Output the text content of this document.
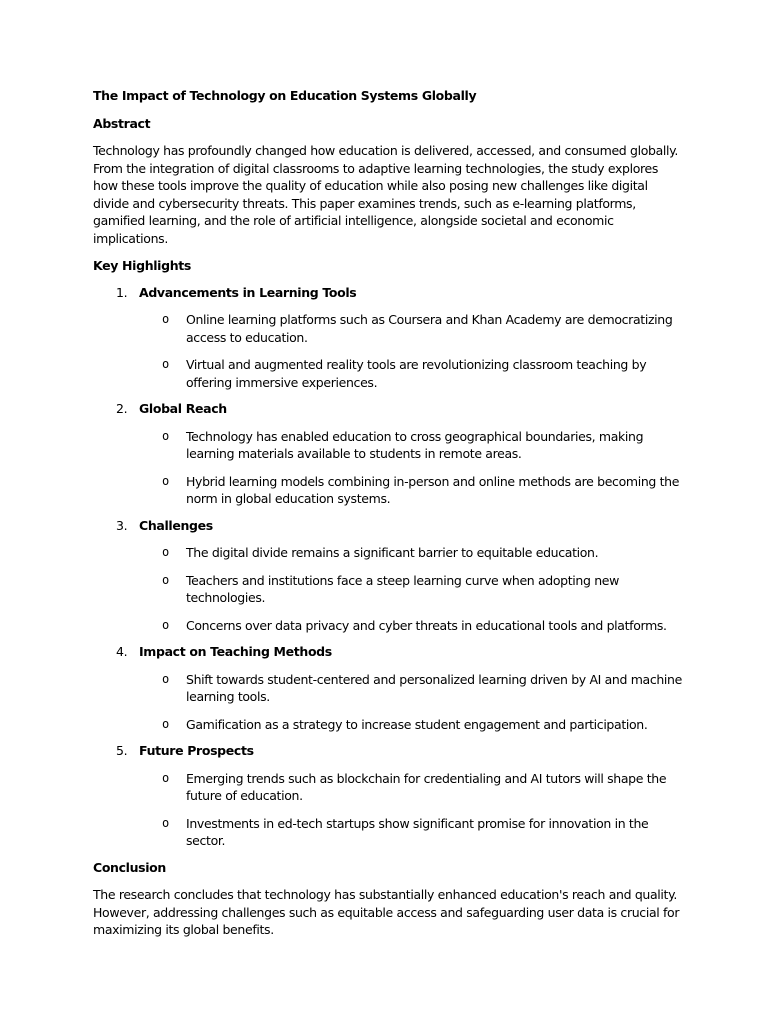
The Impact of Technology on Education Systems Globally

Abstract

Technology has profoundly changed how education is delivered, accessed, and consumed globally. From the integration of digital classrooms to adaptive learning technologies, the study explores how these tools improve the quality of education while also posing new challenges like digital divide and cybersecurity threats. This paper examines trends, such as e-learning platforms, gamified learning, and the role of artificial intelligence, alongside societal and economic implications.

Key Highlights

1. Advancements in Learning Tools
o Online learning platforms such as Coursera and Khan Academy are democratizing access to education.
o Virtual and augmented reality tools are revolutionizing classroom teaching by offering immersive experiences.
2. Global Reach
o Technology has enabled education to cross geographical boundaries, making learning materials available to students in remote areas.
o Hybrid learning models combining in-person and online methods are becoming the norm in global education systems.
3. Challenges
o The digital divide remains a significant barrier to equitable education.
o Teachers and institutions face a steep learning curve when adopting new technologies.
o Concerns over data privacy and cyber threats in educational tools and platforms.
4. Impact on Teaching Methods
o Shift towards student-centered and personalized learning driven by AI and machine learning tools.
o Gamification as a strategy to increase student engagement and participation.
5. Future Prospects
o Emerging trends such as blockchain for credentialing and AI tutors will shape the future of education.
o Investments in ed-tech startups show significant promise for innovation in the sector.

Conclusion

The research concludes that technology has substantially enhanced education's reach and quality. However, addressing challenges such as equitable access and safeguarding user data is crucial for maximizing its global benefits.
